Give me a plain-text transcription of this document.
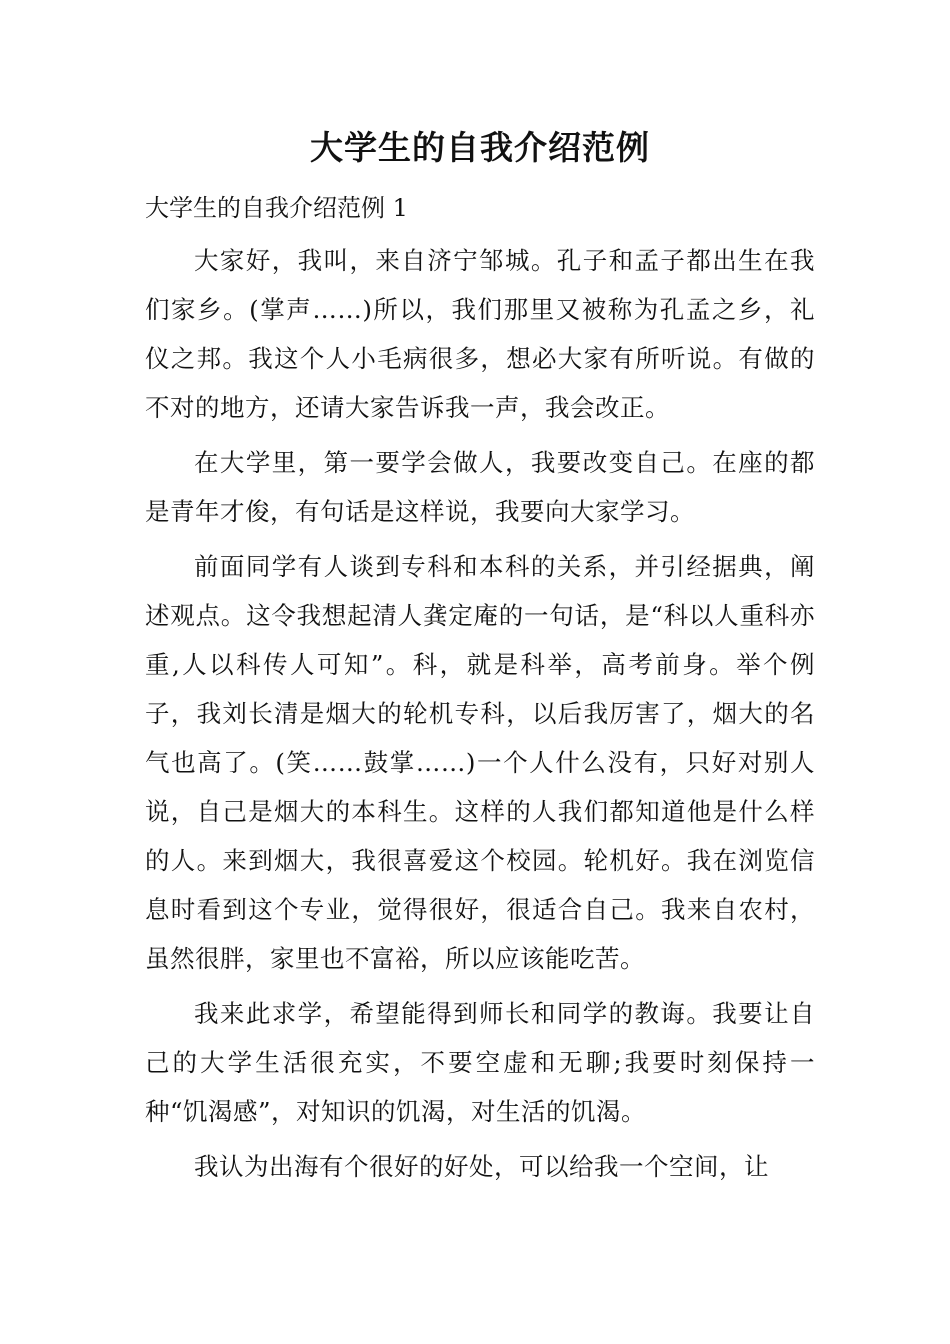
大学生的自我介绍范例
大学生的自我介绍范例 1

大家好，我叫，来自济宁邹城。孔子和孟子都出生在我们家乡。(掌声……)所以，我们那里又被称为孔孟之乡，礼仪之邦。我这个人小毛病很多，想必大家有所听说。有做的不对的地方，还请大家告诉我一声，我会改正。

在大学里，第一要学会做人，我要改变自己。在座的都是青年才俊，有句话是这样说，我要向大家学习。

前面同学有人谈到专科和本科的关系，并引经据典，阐述观点。这令我想起清人龚定庵的一句话，是“科以人重科亦重,人以科传人可知”。科，就是科举，高考前身。举个例子，我刘长清是烟大的轮机专科，以后我厉害了，烟大的名气也高了。(笑……鼓掌……)一个人什么没有，只好对别人说，自己是烟大的本科生。这样的人我们都知道他是什么样的人。来到烟大，我很喜爱这个校园。轮机好。我在浏览信息时看到这个专业，觉得很好，很适合自己。我来自农村，虽然很胖，家里也不富裕，所以应该能吃苦。

我来此求学，希望能得到师长和同学的教诲。我要让自己的大学生活很充实，不要空虚和无聊;我要时刻保持一种“饥渴感”，对知识的饥渴，对生活的饥渴。

我认为出海有个很好的好处，可以给我一个空间，让
